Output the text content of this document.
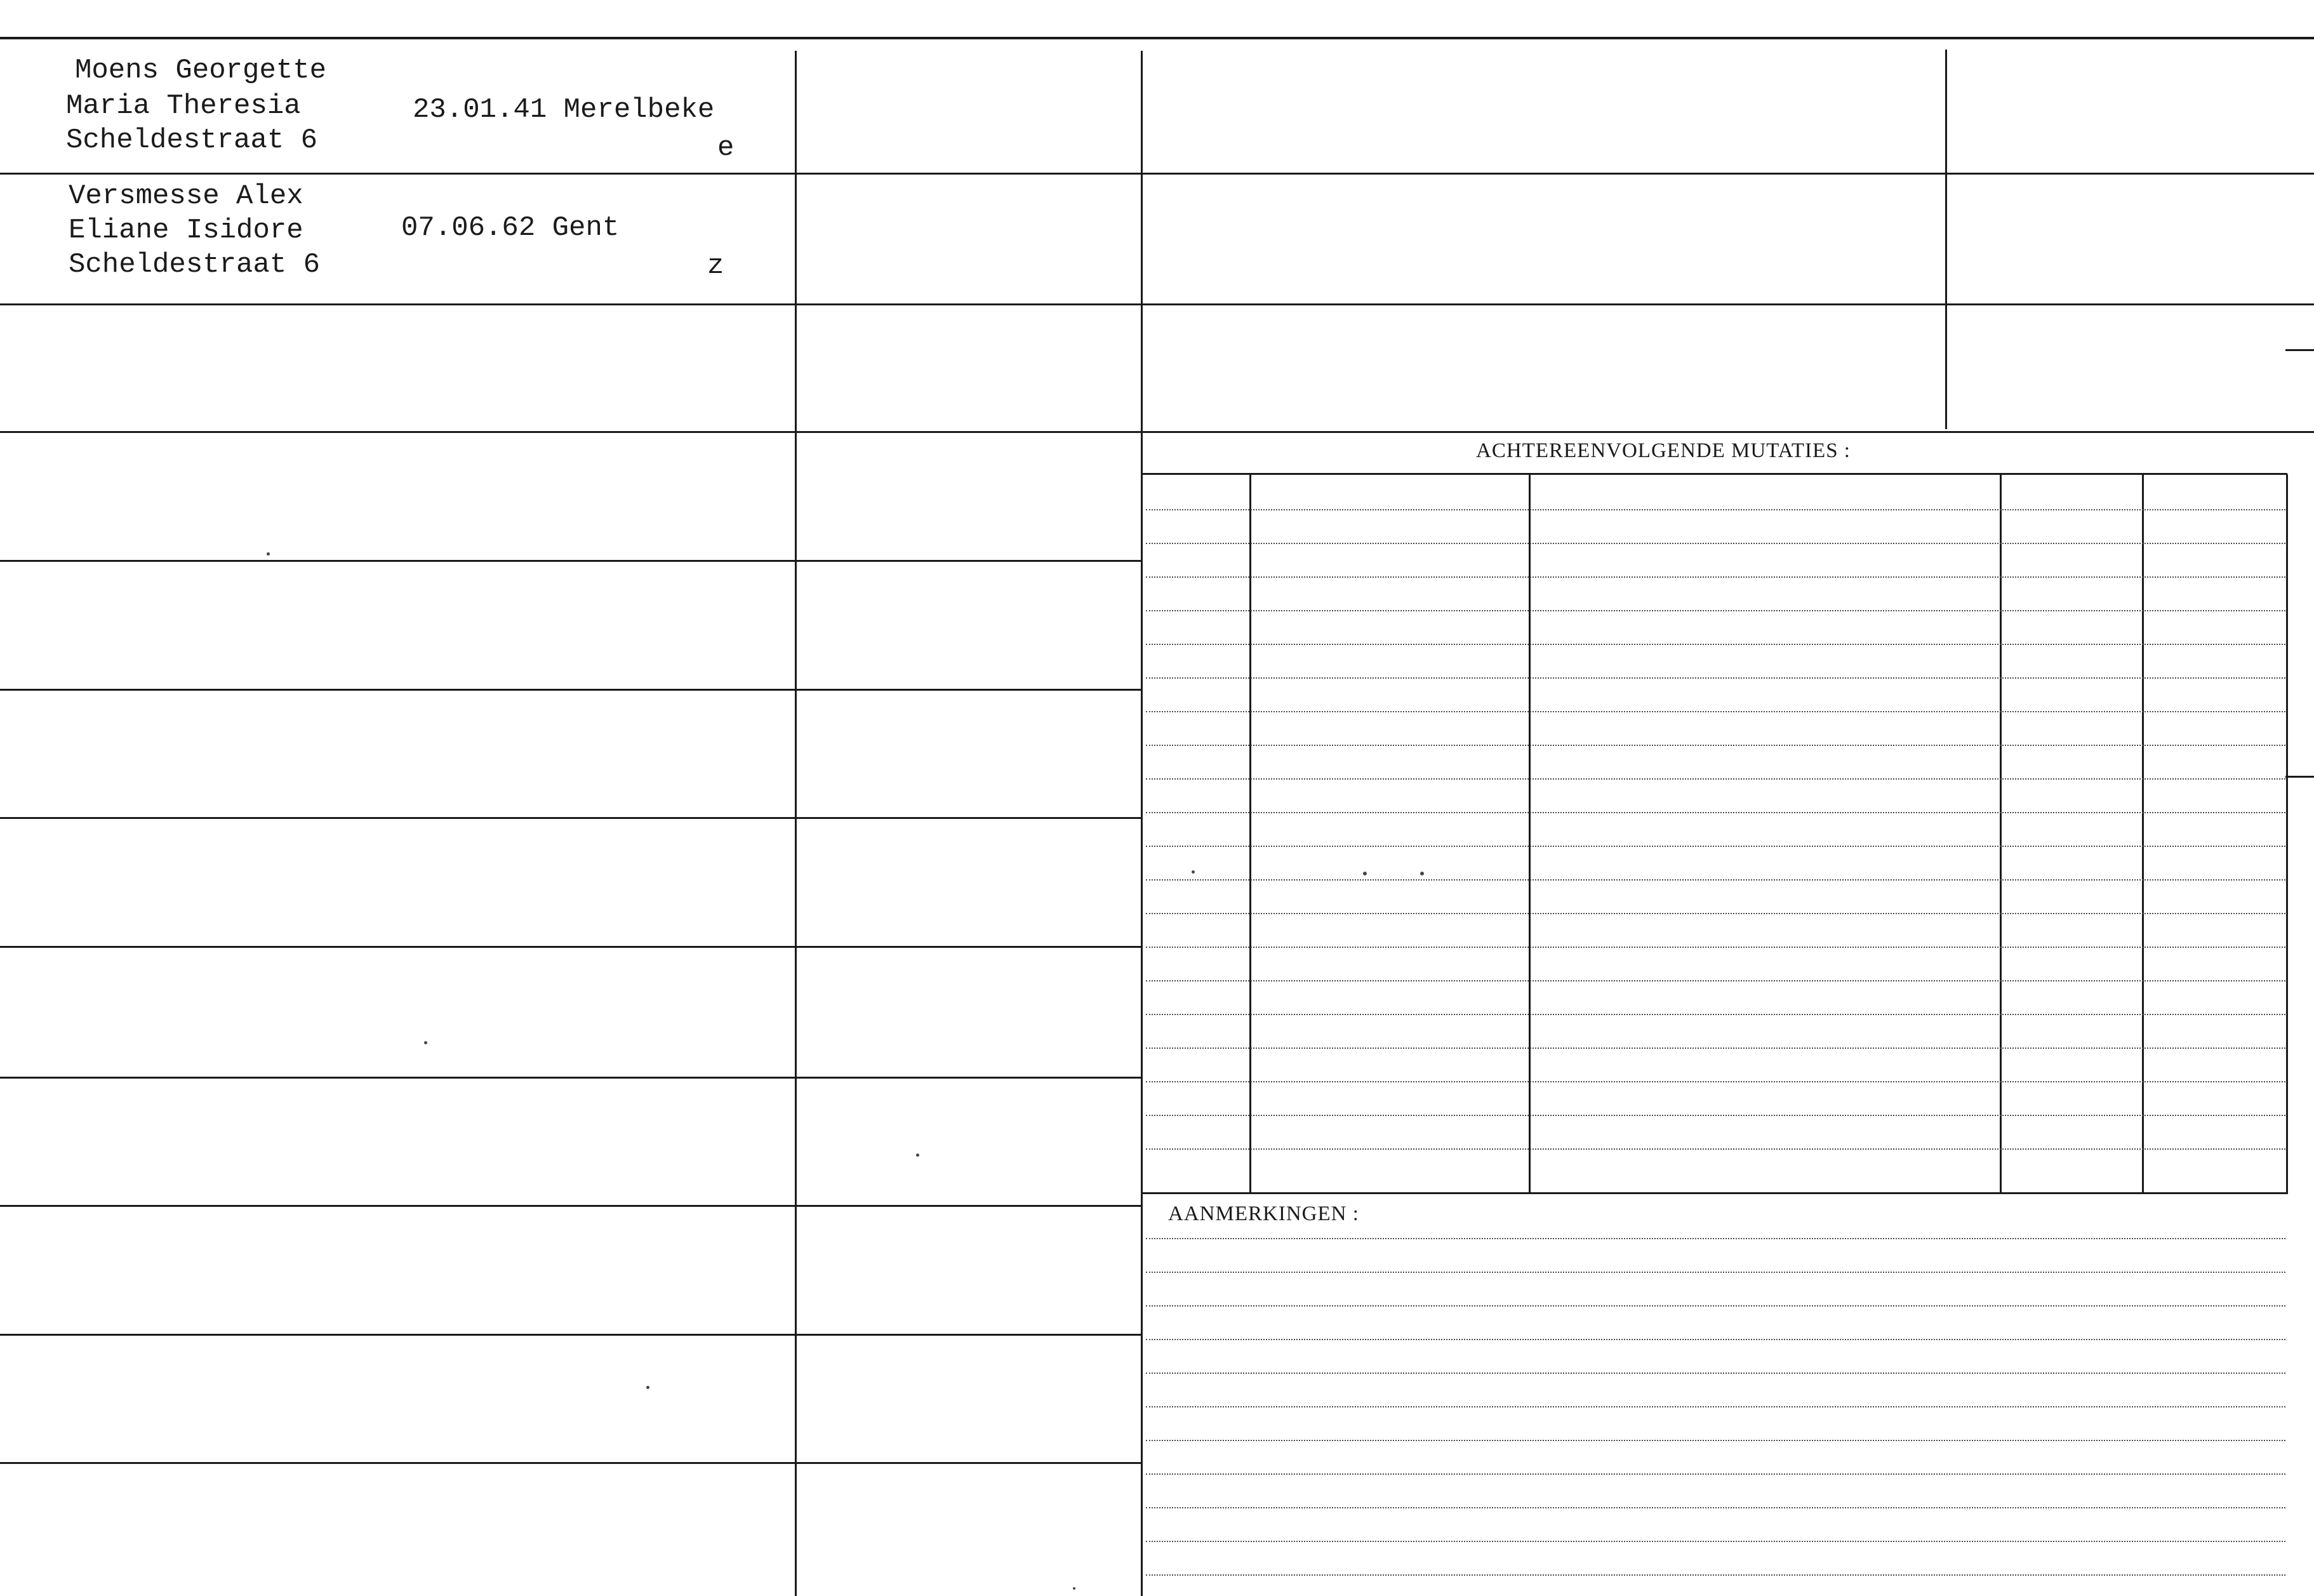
Moens Georgette
Maria Theresia
Scheldestraat 6
23.01.41 Merelbeke
e
Versmesse Alex
Eliane Isidore
Scheldestraat 6
07.06.62 Gent
z
ACHTEREENVOLGENDE MUTATIES :
AANMERKINGEN :
